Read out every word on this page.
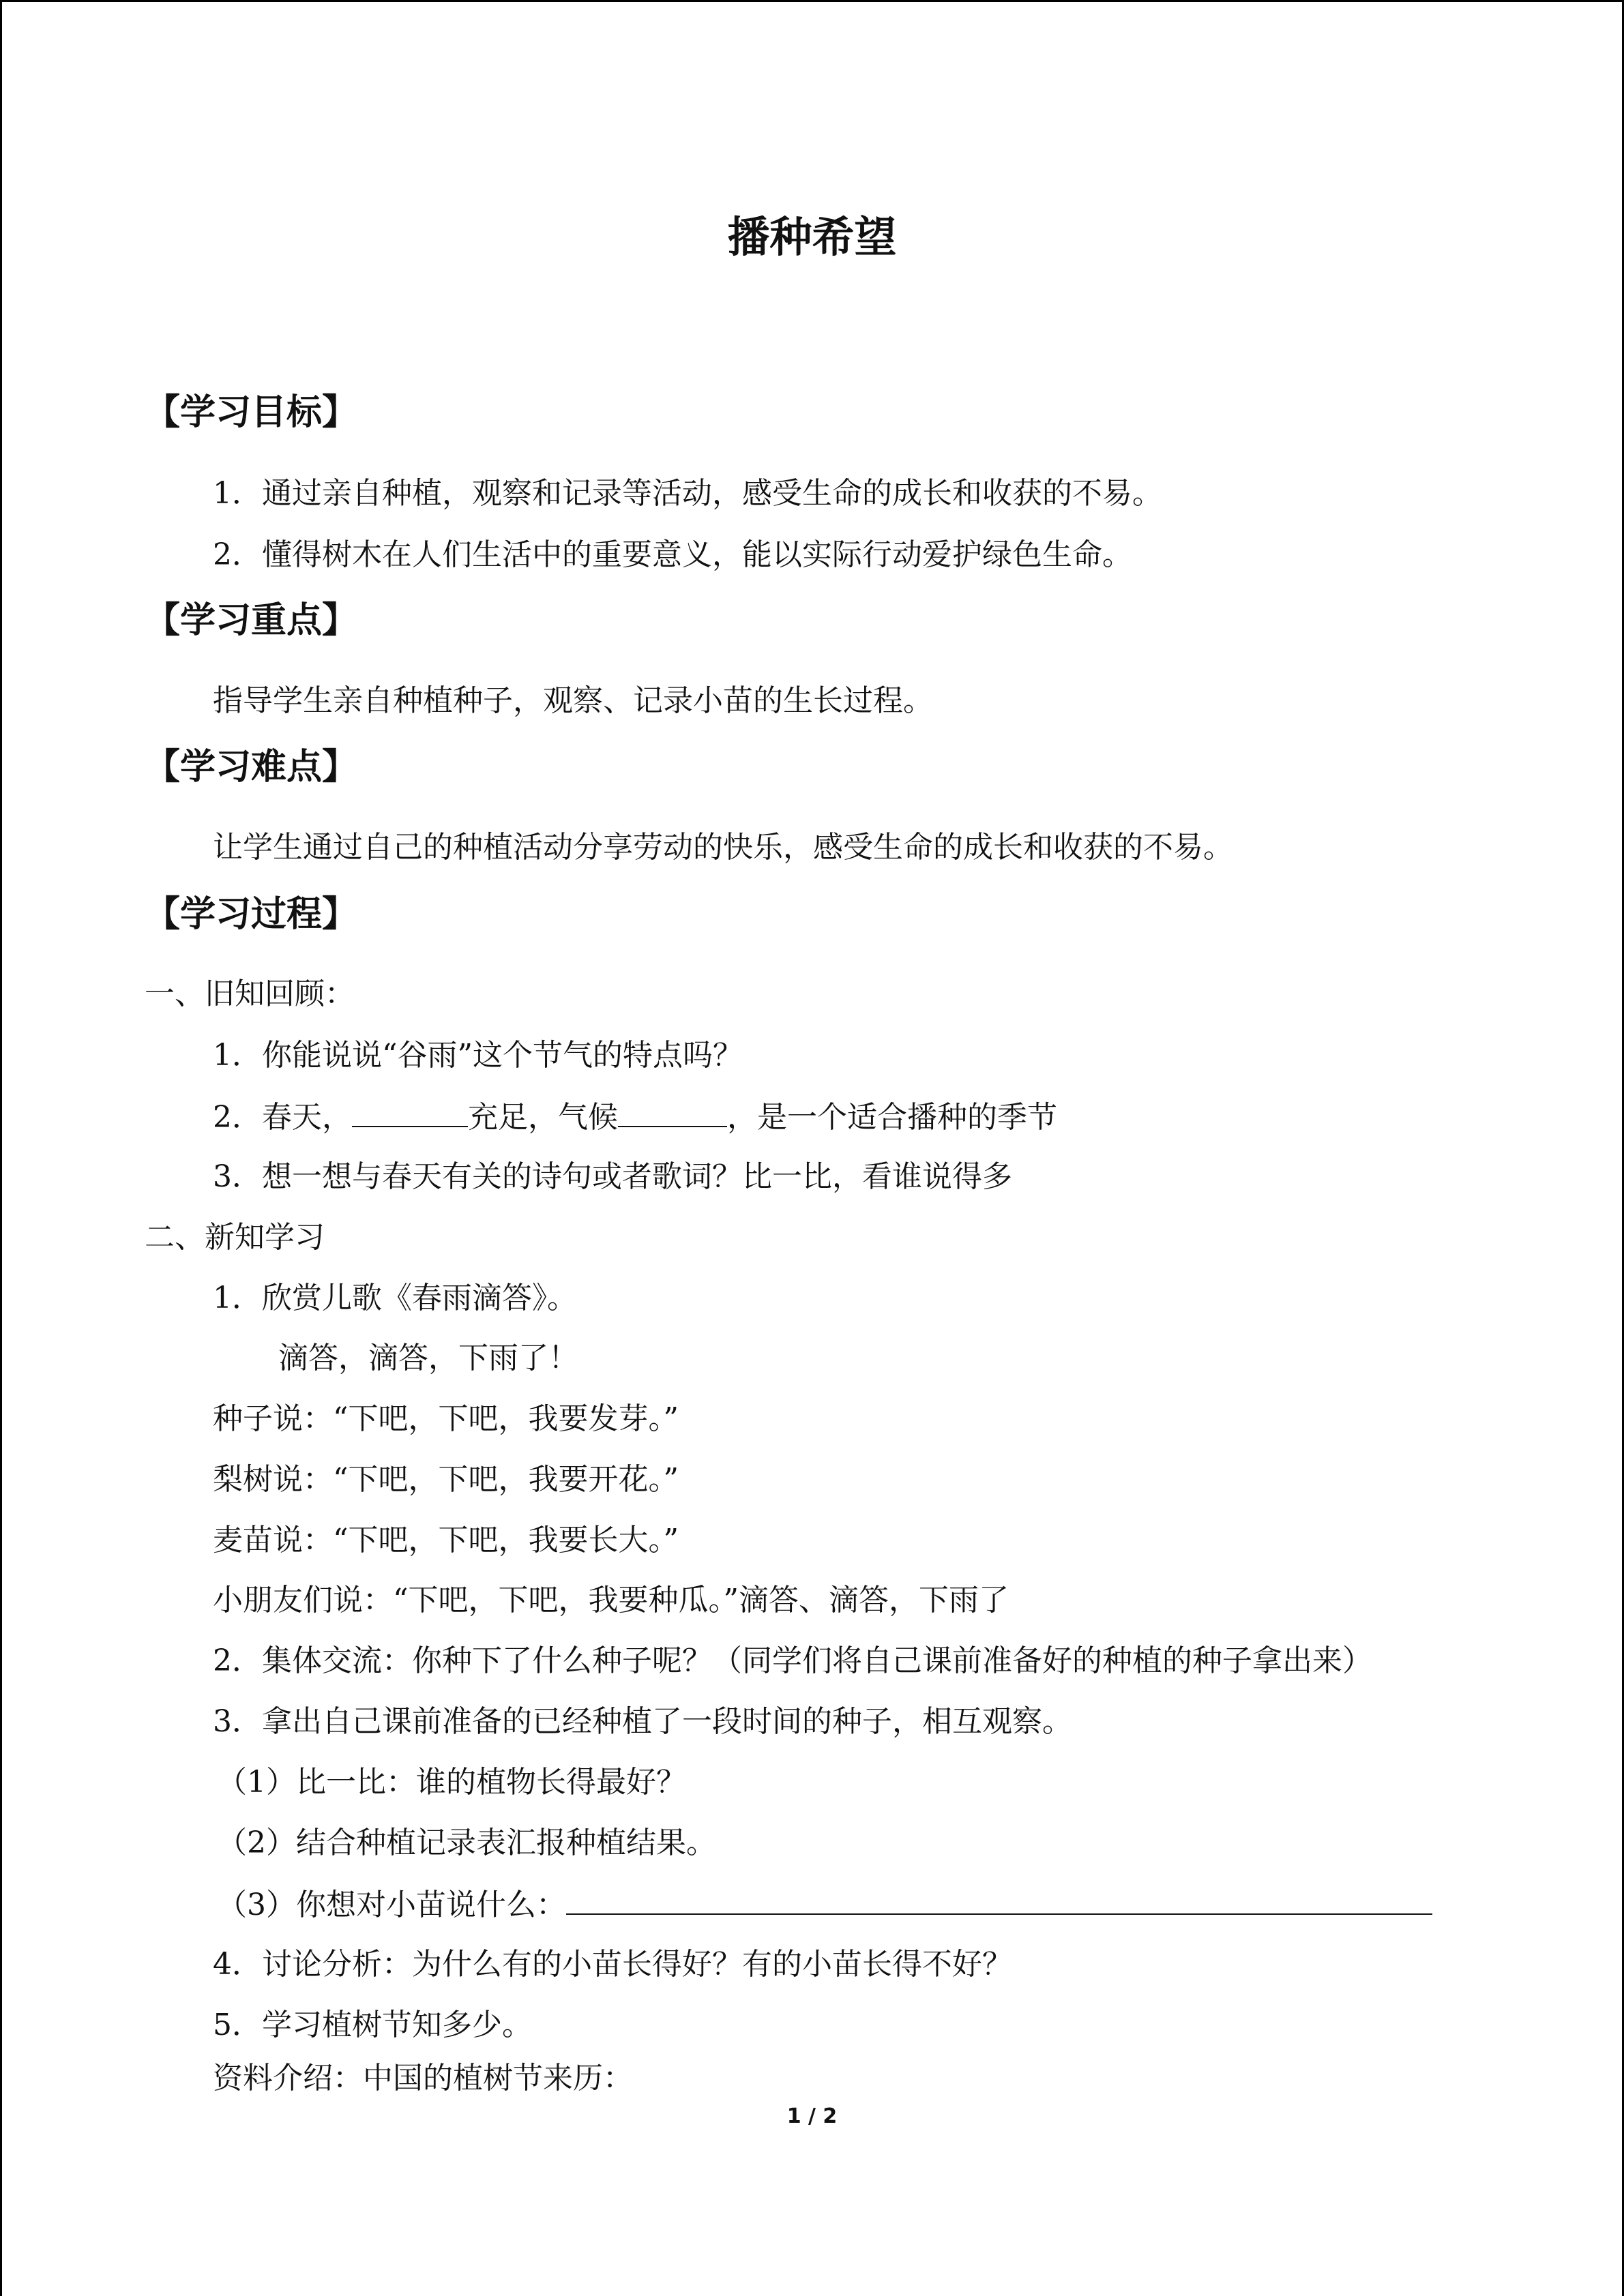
播种希望
【学习目标】
1．通过亲自种植，观察和记录等活动，感受生命的成长和收获的不易。
2．懂得树木在人们生活中的重要意义，能以实际行动爱护绿色生命。
【学习重点】
指导学生亲自种植种子，观察、记录小苗的生长过程。
【学习难点】
让学生通过自己的种植活动分享劳动的快乐，感受生命的成长和收获的不易。
【学习过程】
一、旧知回顾：
1．你能说说“谷雨”这个节气的特点吗？
2．春天，	充足，气候	，是一个适合播种的季节
3．想一想与春天有关的诗句或者歌词？比一比，看谁说得多
二、新知学习
1．欣赏儿歌《春雨滴答》。
滴答，滴答，下雨了！
种子说：“下吧，下吧，我要发芽。”
梨树说：“下吧，下吧，我要开花。”
麦苗说：“下吧，下吧，我要长大。”
小朋友们说：“下吧，下吧，我要种瓜。”滴答、滴答，下雨了
2．集体交流：你种下了什么种子呢？（同学们将自己课前准备好的种植的种子拿出来）
3．拿出自己课前准备的已经种植了一段时间的种子，相互观察。
（1）比一比：谁的植物长得最好？
（2）结合种植记录表汇报种植结果。
（3）你想对小苗说什么：
4．讨论分析：为什么有的小苗长得好？有的小苗长得不好？
5．学习植树节知多少。
资料介绍：中国的植树节来历：
1 / 2
